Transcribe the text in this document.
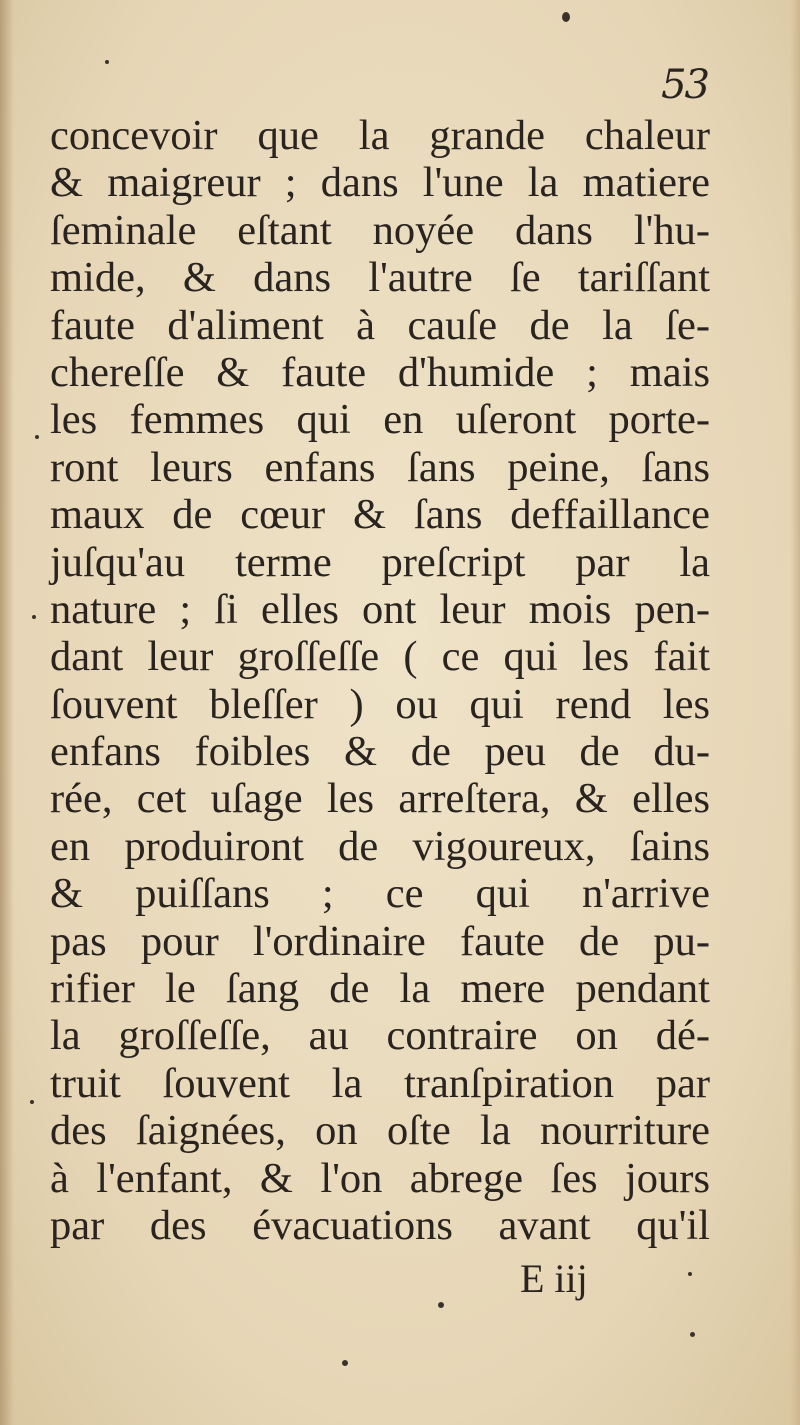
53
concevoir que la grande chaleur
& maigreur ; dans l'une la matiere
ſeminale eſtant noyée dans l'hu-
mide, & dans l'autre ſe tariſſant
faute d'aliment à cauſe de la ſe-
chereſſe & faute d'humide ; mais
les femmes qui en uſeront porte-
ront leurs enfans ſans peine, ſans
maux de cœur & ſans deffaillance
juſqu'au terme preſcript par la
nature ; ſi elles ont leur mois pen-
dant leur groſſeſſe ( ce qui les fait
ſouvent bleſſer ) ou qui rend les
enfans foibles & de peu de du-
rée, cet uſage les arreſtera, & elles
en produiront de vigoureux, ſains
& puiſſans ; ce qui n'arrive
pas pour l'ordinaire faute de pu-
rifier le ſang de la mere pendant
la groſſeſſe, au contraire on dé-
truit ſouvent la tranſpiration par
des ſaignées, on oſte la nourriture
à l'enfant, & l'on abrege ſes jours
par des évacuations avant qu'il
E iij
